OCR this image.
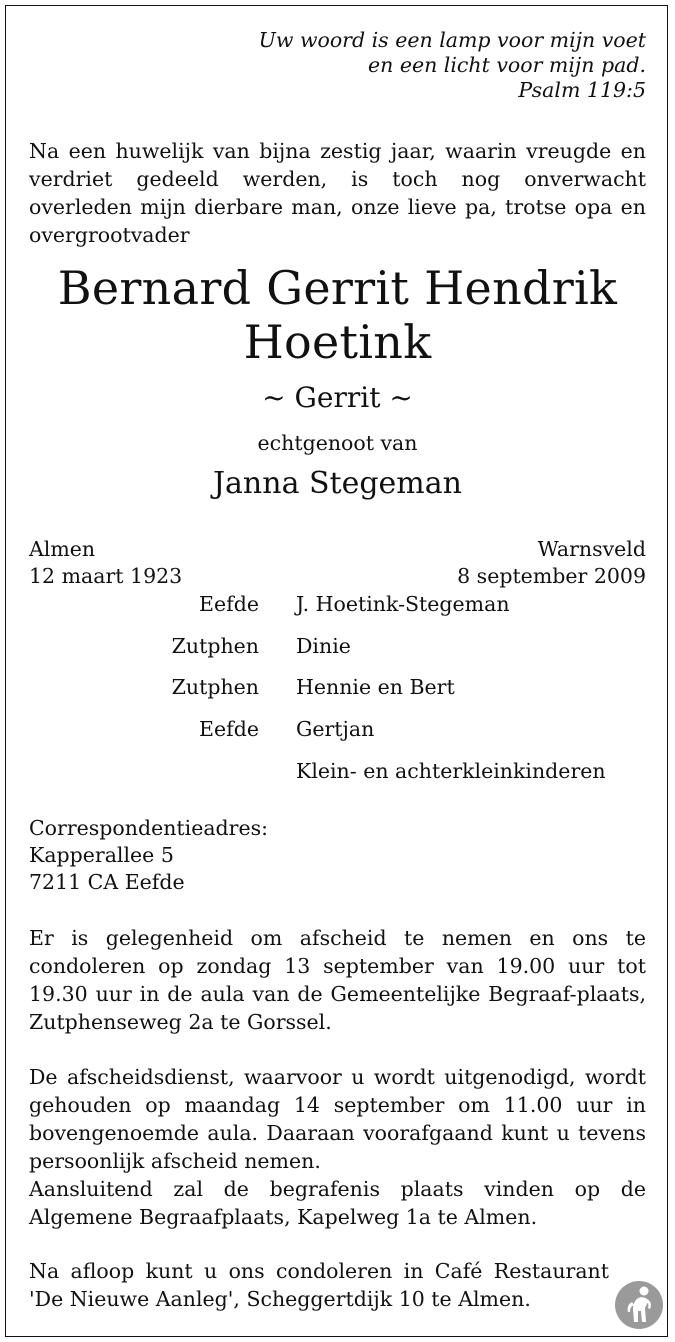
Uw woord is een lamp voor mijn voet
en een licht voor mijn pad.
Psalm 119:5
Na een huwelijk van bijna zestig jaar, waarin vreugde en verdriet gedeeld werden, is toch nog onverwacht overleden mijn dierbare man, onze lieve pa, trotse opa en overgrootvader
Bernard Gerrit Hendrik
Hoetink
~ Gerrit ~
echtgenoot van
Janna Stegeman
Almen
12 maart 1923
Warnsveld
8 september 2009
Eefde J. Hoetink-Stegeman
Zutphen Dinie
Zutphen Hennie en Bert
Eefde Gertjan
Klein- en achterkleinkinderen
Correspondentieadres:
Kapperallee 5
7211 CA Eefde
Er is gelegenheid om afscheid te nemen en ons te condoleren op zondag 13 september van 19.00 uur tot 19.30 uur in de aula van de Gemeentelijke Begraaf-plaats, Zutphenseweg 2a te Gorssel.
De afscheidsdienst, waarvoor u wordt uitgenodigd, wordt gehouden op maandag 14 september om 11.00 uur in bovengenoemde aula. Daaraan voorafgaand kunt u tevens persoonlijk afscheid nemen.
Aansluitend zal de begrafenis plaats vinden op de Algemene Begraafplaats, Kapelweg 1a te Almen.
Na afloop kunt u ons condoleren in Café Restaurant 'De Nieuwe Aanleg', Scheggertdijk 10 te Almen.
